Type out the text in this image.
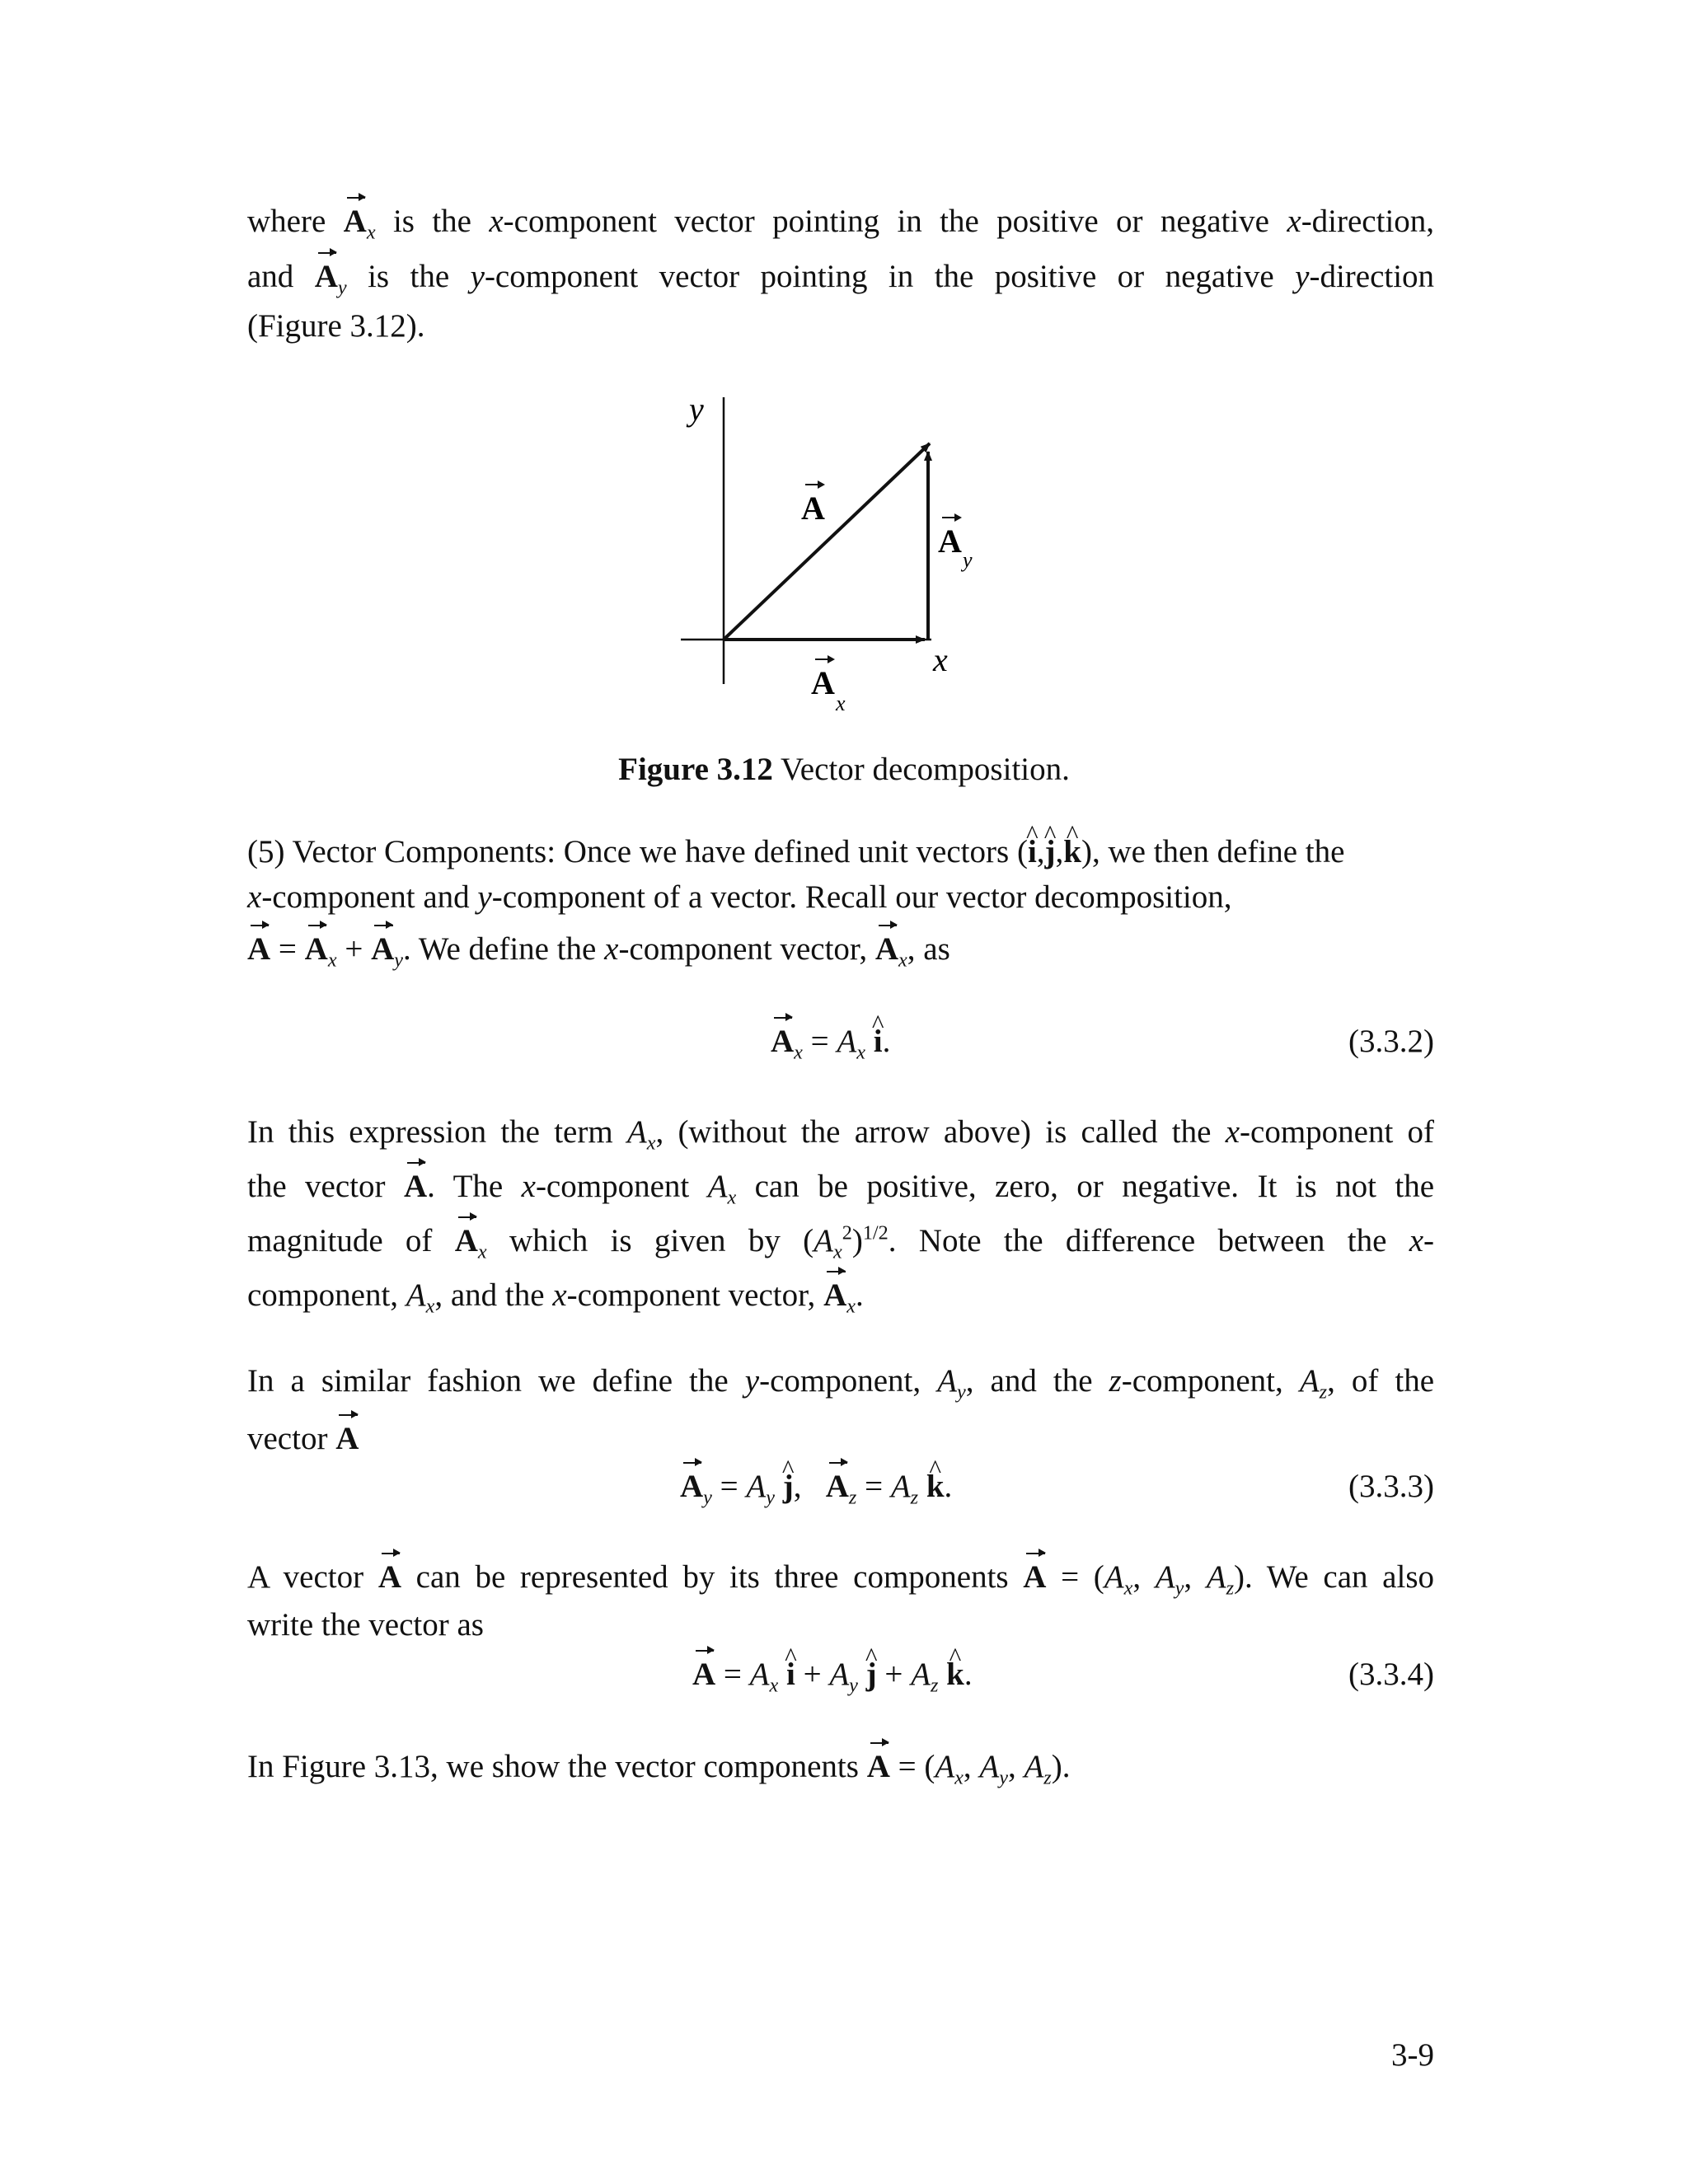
where $A_x$ is the x-component vector pointing in the positive or negative x-direction,
and $A_y$ is the y-component vector pointing in the positive or negative y-direction
(Figure 3.12).
y
x
A
A
y
A
x
Figure 3.12 Vector decomposition.
(5) Vector Components: Once we have defined unit vectors (^ i,^ j,^ k), we then define the
x-component and y-component of a vector. Recall our vector decomposition,
$A = A_x + A_y$. We define the x-component vector, $A_x$, as
$A_x = A_x$ ^ i.	(3.3.2)
In this expression the term $A_x$, (without the arrow above) is called the x-component of
the vector A. The x-component $A_x$ can be positive, zero, or negative. It is not the
magnitude of $A_x$ which is given by $(A_x^2)^{1/2}$. Note the difference between the x-
component, $A_x$, and the x-component vector, $A_x$.
In a similar fashion we define the y-component, $A_y$, and the z-component, $A_z$, of the
vector A
$A_y = A_y$ ^ j,   $A_z = A_z$ ^ k.	(3.3.3)
A vector A can be represented by its three components $A = (A_x$, $A_y$, $A_z$). We can also
write the vector as
$A = A_x$ ^ $i + A_y$ ^ $j + A_z$ ^ k.	(3.3.4)
In Figure 3.13, we show the vector components $A = (A_x$, $A_y$, $A_z$).
3-9
